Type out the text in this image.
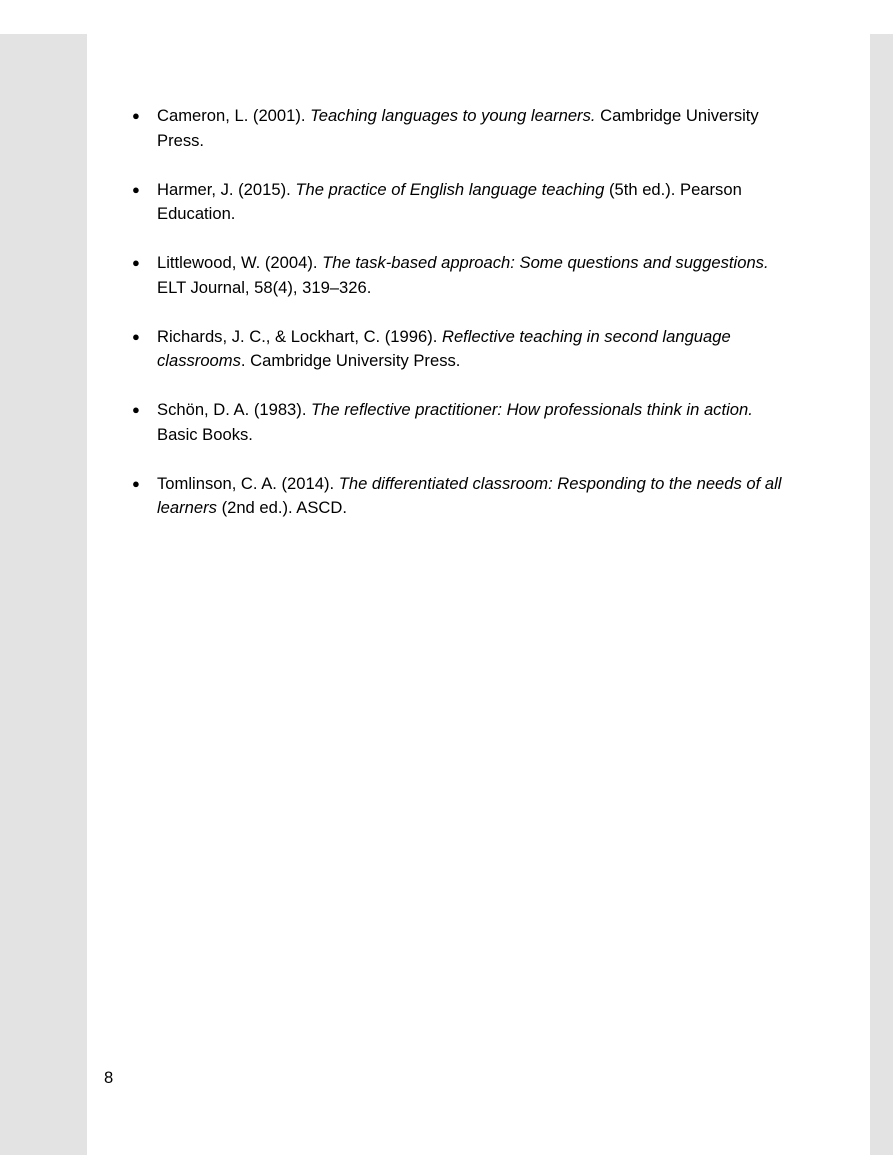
● Cameron, L. (2001). Teaching languages to young learners. Cambridge University Press.
● Harmer, J. (2015). The practice of English language teaching (5th ed.). Pearson Education.
● Littlewood, W. (2004). The task-based approach: Some questions and suggestions. ELT Journal, 58(4), 319–326.
● Richards, J. C., & Lockhart, C. (1996). Reflective teaching in second language classrooms. Cambridge University Press.
● Schön, D. A. (1983). The reflective practitioner: How professionals think in action. Basic Books.
● Tomlinson, C. A. (2014). The differentiated classroom: Responding to the needs of all learners (2nd ed.). ASCD.
8
